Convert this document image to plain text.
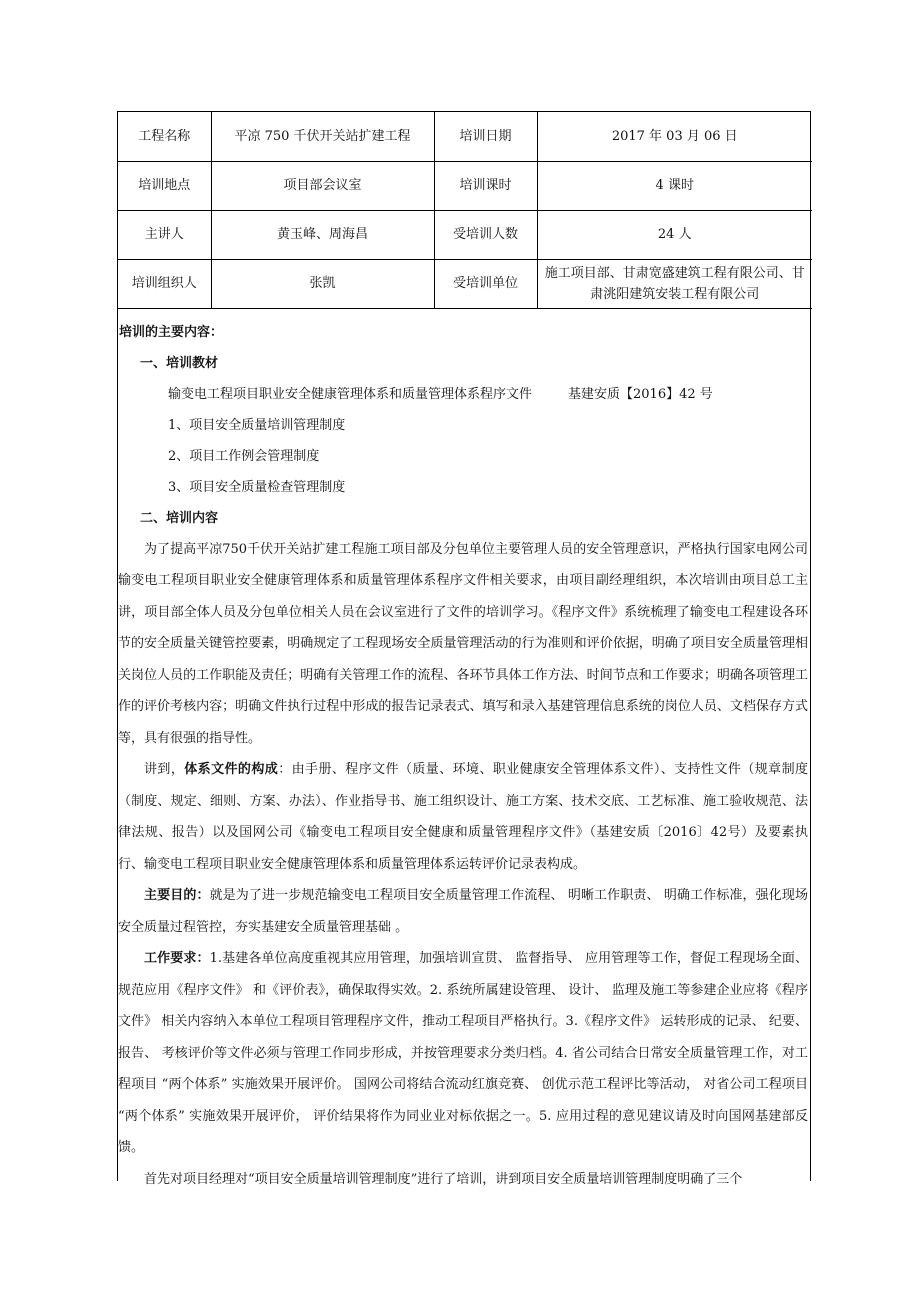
工程名称	平凉 750 千伏开关站扩建工程	培训日期	2017 年 03 月 06 日
培训地点	项目部会议室	培训课时	4 课时
主讲人	黄玉峰、周海昌	受培训人数	24 人
培训组织人	张凯	受培训单位	施工项目部、甘肃宽盛建筑工程有限公司、甘肃洮阳建筑安装工程有限公司

培训的主要内容：

一、培训教材

输变电工程项目职业安全健康管理体系和质量管理体系程序文件	基建安质【2016】42 号

1、项目安全质量培训管理制度

2、项目工作例会管理制度

3、项目安全质量检查管理制度

二、培训内容

为了提高平凉750千伏开关站扩建工程施工项目部及分包单位主要管理人员的安全管理意识，严格执行国家电网公司输变电工程项目职业安全健康管理体系和质量管理体系程序文件相关要求，由项目副经理组织，本次培训由项目总工主讲，项目部全体人员及分包单位相关人员在会议室进行了文件的培训学习。《程序文件》系统梳理了输变电工程建设各环节的安全质量关键管控要素，明确规定了工程现场安全质量管理活动的行为准则和评价依据，明确了项目安全质量管理相关岗位人员的工作职能及责任；明确有关管理工作的流程、各环节具体工作方法、时间节点和工作要求；明确各项管理工作的评价考核内容；明确文件执行过程中形成的报告记录表式、填写和录入基建管理信息系统的岗位人员、文档保存方式等，具有很强的指导性。

讲到，体系文件的构成：由手册、程序文件（质量、环境、职业健康安全管理体系文件）、支持性文件（规章制度（制度、规定、细则、方案、办法）、作业指导书、施工组织设计、施工方案、技术交底、工艺标准、施工验收规范、法律法规、报告）以及国网公司《输变电工程项目安全健康和质量管理程序文件》（基建安质〔2016〕42号）及要素执行、输变电工程项目职业安全健康管理体系和质量管理体系运转评价记录表构成。

主要目的：就是为了进一步规范输变电工程项目安全质量管理工作流程、 明晰工作职责、 明确工作标准，强化现场安全质量过程管控，夯实基建安全质量管理基础 。

工作要求：1.基建各单位高度重视其应用管理，加强培训宣贯、 监督指导、 应用管理等工作，督促工程现场全面、 规范应用《程序文件》 和《评价表》，确保取得实效。2. 系统所属建设管理、 设计、 监理及施工等参建企业应将《程序文件》 相关内容纳入本单位工程项目管理程序文件，推动工程项目严格执行。3.《程序文件》 运转形成的记录、 纪要、 报告、 考核评价等文件必须与管理工作同步形成，并按管理要求分类归档。4. 省公司结合日常安全质量管理工作，对工程项目 “两个体系” 实施效果开展评价。 国网公司将结合流动红旗竞赛、 创优示范工程评比等活动， 对省公司工程项目 “两个体系” 实施效果开展评价， 评价结果将作为同业业对标依据之一。5. 应用过程的意见建议请及时向国网基建部反馈。

首先对项目经理对“项目安全质量培训管理制度”进行了培训，讲到项目安全质量培训管理制度明确了三个
